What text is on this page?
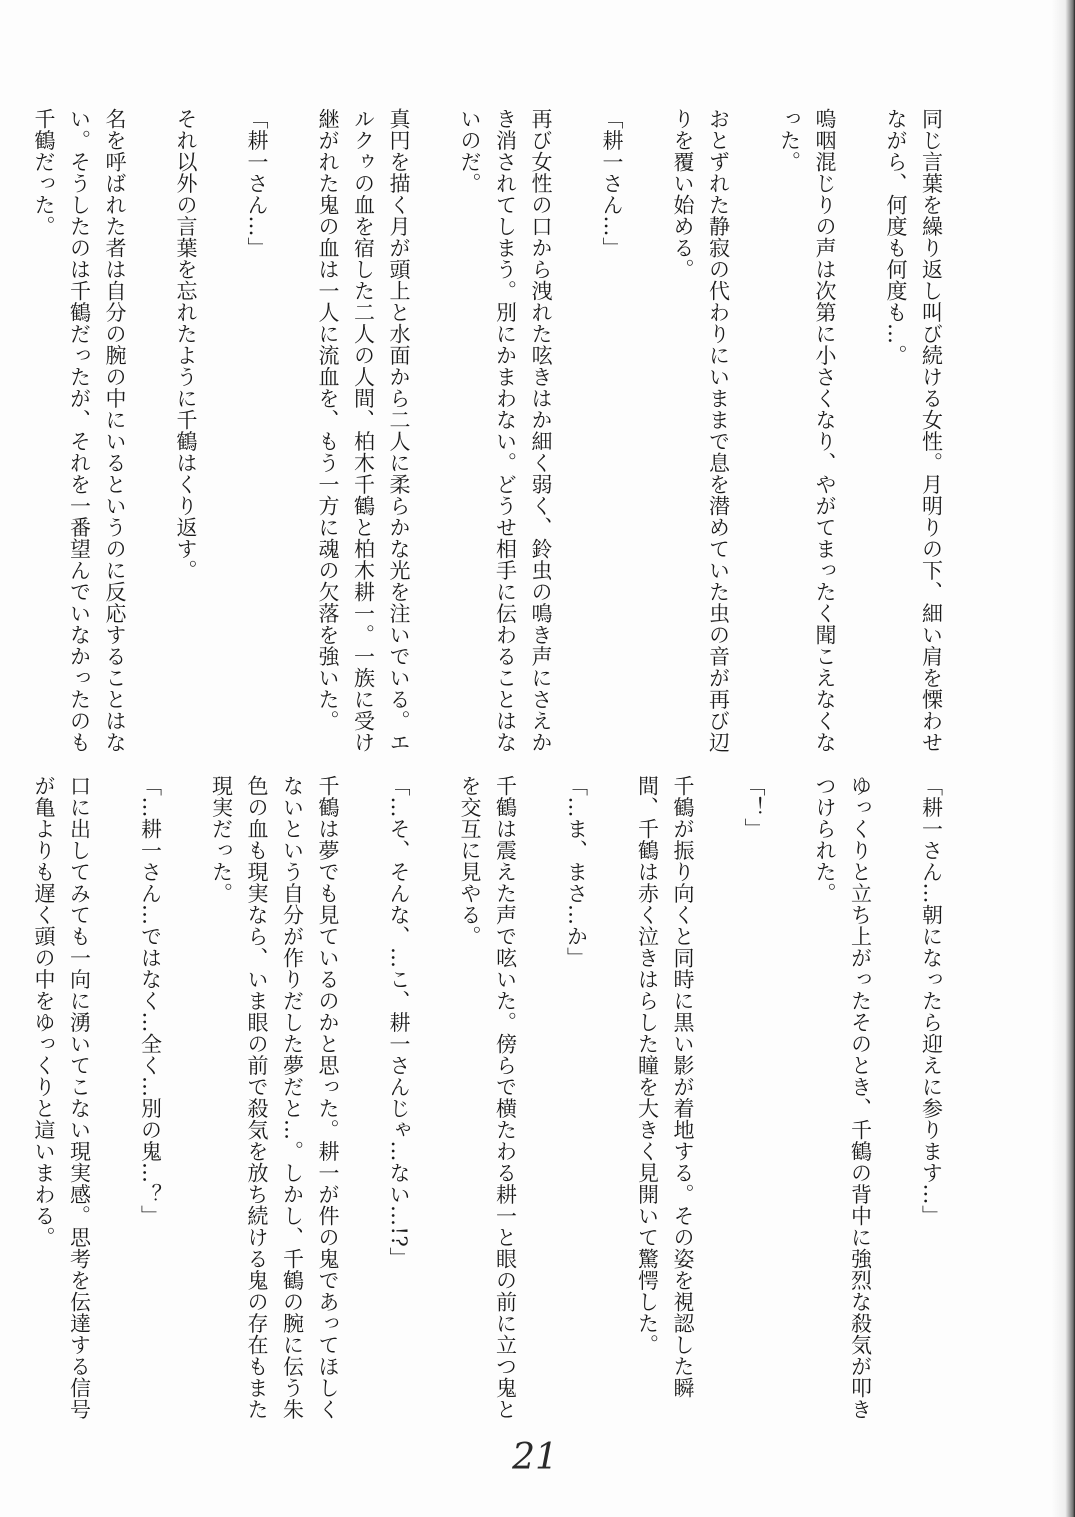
同じ言葉を繰り返し叫び続ける女性。月明りの下、細い肩を慄わせながら、何度も何度も…。

嗚咽混じりの声は次第に小さくなり、やがてまったく聞こえなくなった。

おとずれた静寂の代わりにいままで息を潜めていた虫の音が再び辺りを覆い始める。

「耕一さん…」

再び女性の口から洩れた呟きはか細く弱く、鈴虫の鳴き声にさえかき消されてしまう。別にかまわない。どうせ相手に伝わることはないのだ。

真円を描く月が頭上と水面から二人に柔らかな光を注いでいる。エルクゥの血を宿した二人の人間、柏木千鶴と柏木耕一。一族に受け継がれた鬼の血は一人に流血を、もう一方に魂の欠落を強いた。

「耕一さん…」

それ以外の言葉を忘れたように千鶴はくり返す。

名を呼ばれた者は自分の腕の中にいるというのに反応することはない。そうしたのは千鶴だったが、それを一番望んでいなかったのも千鶴だった。

「耕一さん…朝になったら迎えに参ります…」

ゆっくりと立ち上がったそのとき、千鶴の背中に強烈な殺気が叩きつけられた。

「！」

千鶴が振り向くと同時に黒い影が着地する。その姿を視認した瞬間、千鶴は赤く泣きはらした瞳を大きく見開いて驚愕した。

「…ま、まさ…か」

千鶴は震えた声で呟いた。傍らで横たわる耕一と眼の前に立つ鬼とを交互に見やる。

「…そ、そんな、…こ、耕一さんじゃ…ない…!?」

千鶴は夢でも見ているのかと思った。耕一が件の鬼であってほしくないという自分が作りだした夢だと…。しかし、千鶴の腕に伝う朱色の血も現実なら、いま眼の前で殺気を放ち続ける鬼の存在もまた現実だった。

「…耕一さん…ではなく…全く…別の鬼…？」

口に出してみても一向に湧いてこない現実感。思考を伝達する信号が亀よりも遅く頭の中をゆっくりと這いまわる。

21
